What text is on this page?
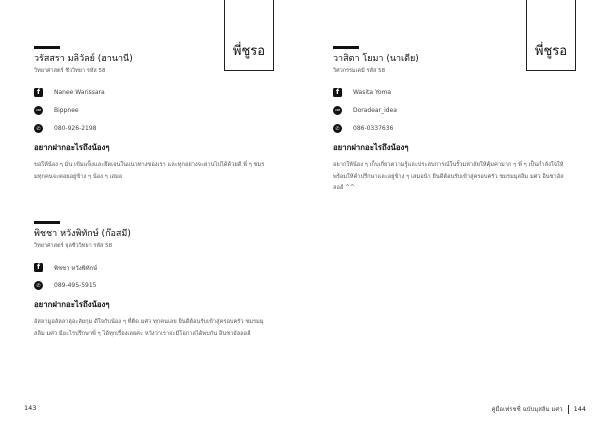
พี่ชูรอ	พี่ชูรอ
วรัสสรา มลิวัลย์ (ฮานานี)
วิทยาศาสตร์ ชีววิทยา รหัส 58
f	Nanee Warissara
LINE	Bippnee
✆	080-926-2198
อยากฝากอะไรถึงน้องๆ
ขอให้น้อง ๆ มั่น เข้มแข็งและยึดเจนในแนวทางของเรา และทุกอย่างจะผ่านไปได้ด้วยดี พี่ ๆ ชมรมทุกคนจะคอยอยู่ข้าง ๆ น้อง ๆ เสมอ
พิชชา หวังพิทักษ์ (ก๊อสมี)
วิทยาศาสตร์ จุลชีววิทยา รหัส 58
f	พิชชา หวังพิทักษ์
✆	089-495-5915
อยากฝากอะไรถึงน้องๆ
อัสลามูอลัลลาฮุอะลัยกุม ดีใจกับน้อง ๆ ที่ติด มศว ทุกคนเลย ยินดีต้อนรับเข้าสู่ครอบครัว ชมรมมุสลิม มศว มีอะไรปรึกษาพี่ ๆ ได้ทุกเรื่องเลยค่ะ หวังว่าเราจะมีโอกาสได้พบกัน อินชาอัลลอฮ์
วาสิตา โยมา (นาเดีย)
วิศวกรรมเคมี รหัส 58
f	Wasita Yoma
LINE	Doradear_idea
✆	086-0337636
อยากฝากอะไรถึงน้องๆ
อยากให้น้อง ๆ เก็บเกี่ยวความรู้และประสบการณ์ในรั้วมหาลัยให้คุ้มค่ามาก ๆ พี่ ๆ เป็นกำลังใจให้ พร้อมให้คำปรึกษาและอยู่ข้าง ๆ เสมอน้า ยินดีต้อนรับเข้าสู่ครอบครัว ชมรมมุสลิม มศว อินชาอัลลอฮ์ ^^
143	คู่มือเฟรชชี่ ฉบับมุสลิม มศว 144
